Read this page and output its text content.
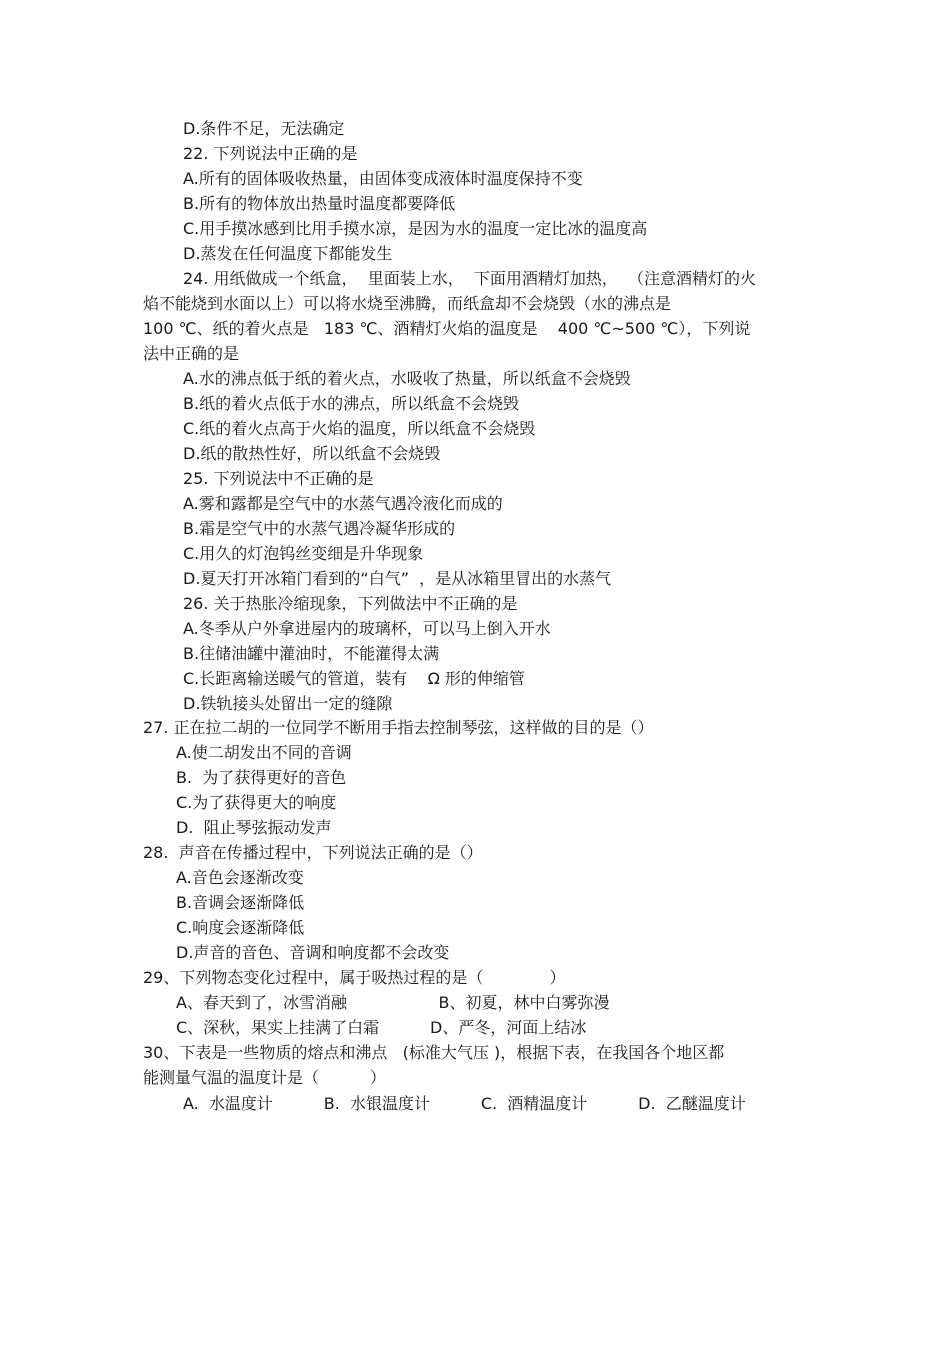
D.条件不足，无法确定
22. 下列说法中正确的是
A.所有的固体吸收热量，由固体变成液体时温度保持不变
B.所有的物体放出热量时温度都要降低
C.用手摸冰感到比用手摸水凉，是因为水的温度一定比冰的温度高
D.蒸发在任何温度下都能发生
24. 用纸做成一个纸盒，  里面装上水，  下面用酒精灯加热，  （注意酒精灯的火
焰不能烧到水面以上）可以将水烧至沸腾，而纸盒却不会烧毁（水的沸点是
100 ℃、纸的着火点是   183 ℃、酒精灯火焰的温度是    400 ℃~500 ℃），下列说
法中正确的是
A.水的沸点低于纸的着火点，水吸收了热量，所以纸盒不会烧毁
B.纸的着火点低于水的沸点，所以纸盒不会烧毁
C.纸的着火点高于火焰的温度，所以纸盒不会烧毁
D.纸的散热性好，所以纸盒不会烧毁
25. 下列说法中不正确的是
A.雾和露都是空气中的水蒸气遇冷液化而成的
B.霜是空气中的水蒸气遇冷凝华形成的
C.用久的灯泡钨丝变细是升华现象
D.夏天打开冰箱门看到的“白气”  ，是从冰箱里冒出的水蒸气
26. 关于热胀冷缩现象，下列做法中不正确的是
A.冬季从户外拿进屋内的玻璃杯，可以马上倒入开水
B.往储油罐中灌油时，不能灌得太满
C.长距离输送暖气的管道，装有    Ω 形的伸缩管
D.铁轨接头处留出一定的缝隙
27. 正在拉二胡的一位同学不断用手指去控制琴弦，这样做的目的是（）
A.使二胡发出不同的音调
B.  为了获得更好的音色
C.为了获得更大的响度
D.  阻止琴弦振动发声
28.  声音在传播过程中，下列说法正确的是（）
A.音色会逐渐改变
B.音调会逐渐降低
C.响度会逐渐降低
D.声音的音色、音调和响度都不会改变
29、下列物态变化过程中，属于吸热过程的是（             ）
A、春天到了，冰雪消融                  B、初夏，林中白雾弥漫
C、深秋，果实上挂满了白霜          D、严冬，河面上结冰
30、下表是一些物质的熔点和沸点   (标准大气压 )，根据下表，在我国各个地区都
能测量气温的温度计是（          ）
A.  水温度计          B.  水银温度计          C.  酒精温度计          D.  乙醚温度计
